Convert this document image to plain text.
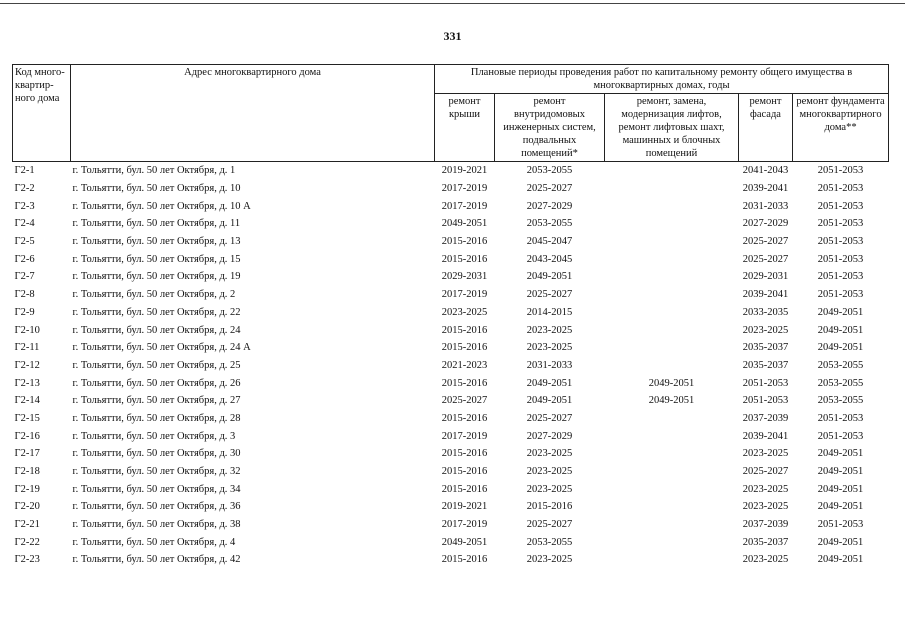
331
Код много-квартир-ного дома	Адрес многоквартирного дома	Плановые периоды проведения работ по капитальному ремонту общего имущества в многоквартирных домах, годы				
		ремонт крыши	ремонт внутридомовых инженерных систем, подвальных помещений*	ремонт, замена, модернизация лифтов, ремонт лифтовых шахт, машинных и блочных помещений	ремонт фасада	ремонт фундамента многоквартирного дома**
Г2-1	г. Тольятти, бул. 50 лет Октября, д. 1	2019-2021	2053-2055		2041-2043	2051-2053
Г2-2	г. Тольятти, бул. 50 лет Октября, д. 10	2017-2019	2025-2027		2039-2041	2051-2053
Г2-3	г. Тольятти, бул. 50 лет Октября, д. 10 А	2017-2019	2027-2029		2031-2033	2051-2053
Г2-4	г. Тольятти, бул. 50 лет Октября, д. 11	2049-2051	2053-2055		2027-2029	2051-2053
Г2-5	г. Тольятти, бул. 50 лет Октября, д. 13	2015-2016	2045-2047		2025-2027	2051-2053
Г2-6	г. Тольятти, бул. 50 лет Октября, д. 15	2015-2016	2043-2045		2025-2027	2051-2053
Г2-7	г. Тольятти, бул. 50 лет Октября, д. 19	2029-2031	2049-2051		2029-2031	2051-2053
Г2-8	г. Тольятти, бул. 50 лет Октября, д. 2	2017-2019	2025-2027		2039-2041	2051-2053
Г2-9	г. Тольятти, бул. 50 лет Октября, д. 22	2023-2025	2014-2015		2033-2035	2049-2051
Г2-10	г. Тольятти, бул. 50 лет Октября, д. 24	2015-2016	2023-2025		2023-2025	2049-2051
Г2-11	г. Тольятти, бул. 50 лет Октября, д. 24 А	2015-2016	2023-2025		2035-2037	2049-2051
Г2-12	г. Тольятти, бул. 50 лет Октября, д. 25	2021-2023	2031-2033		2035-2037	2053-2055
Г2-13	г. Тольятти, бул. 50 лет Октября, д. 26	2015-2016	2049-2051	2049-2051	2051-2053	2053-2055
Г2-14	г. Тольятти, бул. 50 лет Октября, д. 27	2025-2027	2049-2051	2049-2051	2051-2053	2053-2055
Г2-15	г. Тольятти, бул. 50 лет Октября, д. 28	2015-2016	2025-2027		2037-2039	2051-2053
Г2-16	г. Тольятти, бул. 50 лет Октября, д. 3	2017-2019	2027-2029		2039-2041	2051-2053
Г2-17	г. Тольятти, бул. 50 лет Октября, д. 30	2015-2016	2023-2025		2023-2025	2049-2051
Г2-18	г. Тольятти, бул. 50 лет Октября, д. 32	2015-2016	2023-2025		2025-2027	2049-2051
Г2-19	г. Тольятти, бул. 50 лет Октября, д. 34	2015-2016	2023-2025		2023-2025	2049-2051
Г2-20	г. Тольятти, бул. 50 лет Октября, д. 36	2019-2021	2015-2016		2023-2025	2049-2051
Г2-21	г. Тольятти, бул. 50 лет Октября, д. 38	2017-2019	2025-2027		2037-2039	2051-2053
Г2-22	г. Тольятти, бул. 50 лет Октября, д. 4	2049-2051	2053-2055		2035-2037	2049-2051
Г2-23	г. Тольятти, бул. 50 лет Октября, д. 42	2015-2016	2023-2025		2023-2025	2049-2051
